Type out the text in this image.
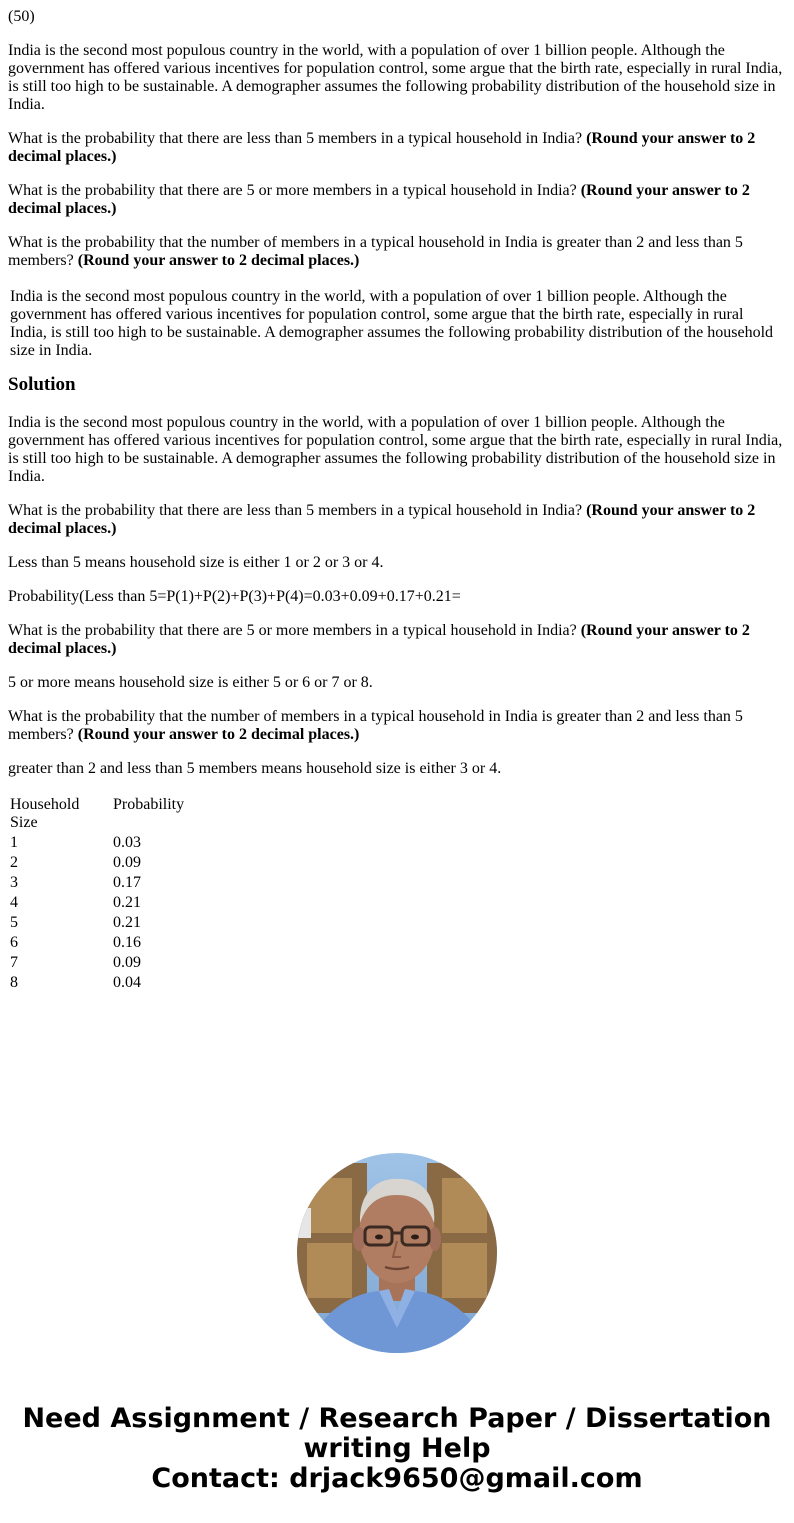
(50)

India is the second most populous country in the world, with a population of over 1 billion people. Although the government has offered various incentives for population control, some argue that the birth rate, especially in rural India, is still too high to be sustainable. A demographer assumes the following probability distribution of the household size in India.

What is the probability that there are less than 5 members in a typical household in India? (Round your answer to 2 decimal places.)

What is the probability that there are 5 or more members in a typical household in India? (Round your answer to 2 decimal places.)

What is the probability that the number of members in a typical household in India is greater than 2 and less than 5 members? (Round your answer to 2 decimal places.)

India is the second most populous country in the world, with a population of over 1 billion people. Although the government has offered various incentives for population control, some argue that the birth rate, especially in rural India, is still too high to be sustainable. A demographer assumes the following probability distribution of the household size in India.

Solution

India is the second most populous country in the world, with a population of over 1 billion people. Although the government has offered various incentives for population control, some argue that the birth rate, especially in rural India, is still too high to be sustainable. A demographer assumes the following probability distribution of the household size in India.

What is the probability that there are less than 5 members in a typical household in India? (Round your answer to 2 decimal places.)

Less than 5 means household size is either 1 or 2 or 3 or 4.

Probability(Less than 5=P(1)+P(2)+P(3)+P(4)=0.03+0.09+0.17+0.21=

What is the probability that there are 5 or more members in a typical household in India? (Round your answer to 2 decimal places.)

5 or more means household size is either 5 or 6 or 7 or 8.

What is the probability that the number of members in a typical household in India is greater than 2 and less than 5 members? (Round your answer to 2 decimal places.)

greater than 2 and less than 5 members means household size is either 3 or 4.

Household Size	Probability
1	0.03
2	0.09
3	0.17
4	0.21
5	0.21
6	0.16
7	0.09
8	0.04
Need Assignment / Research Paper / Dissertation
writing Help
Contact: drjack9650@gmail.com
